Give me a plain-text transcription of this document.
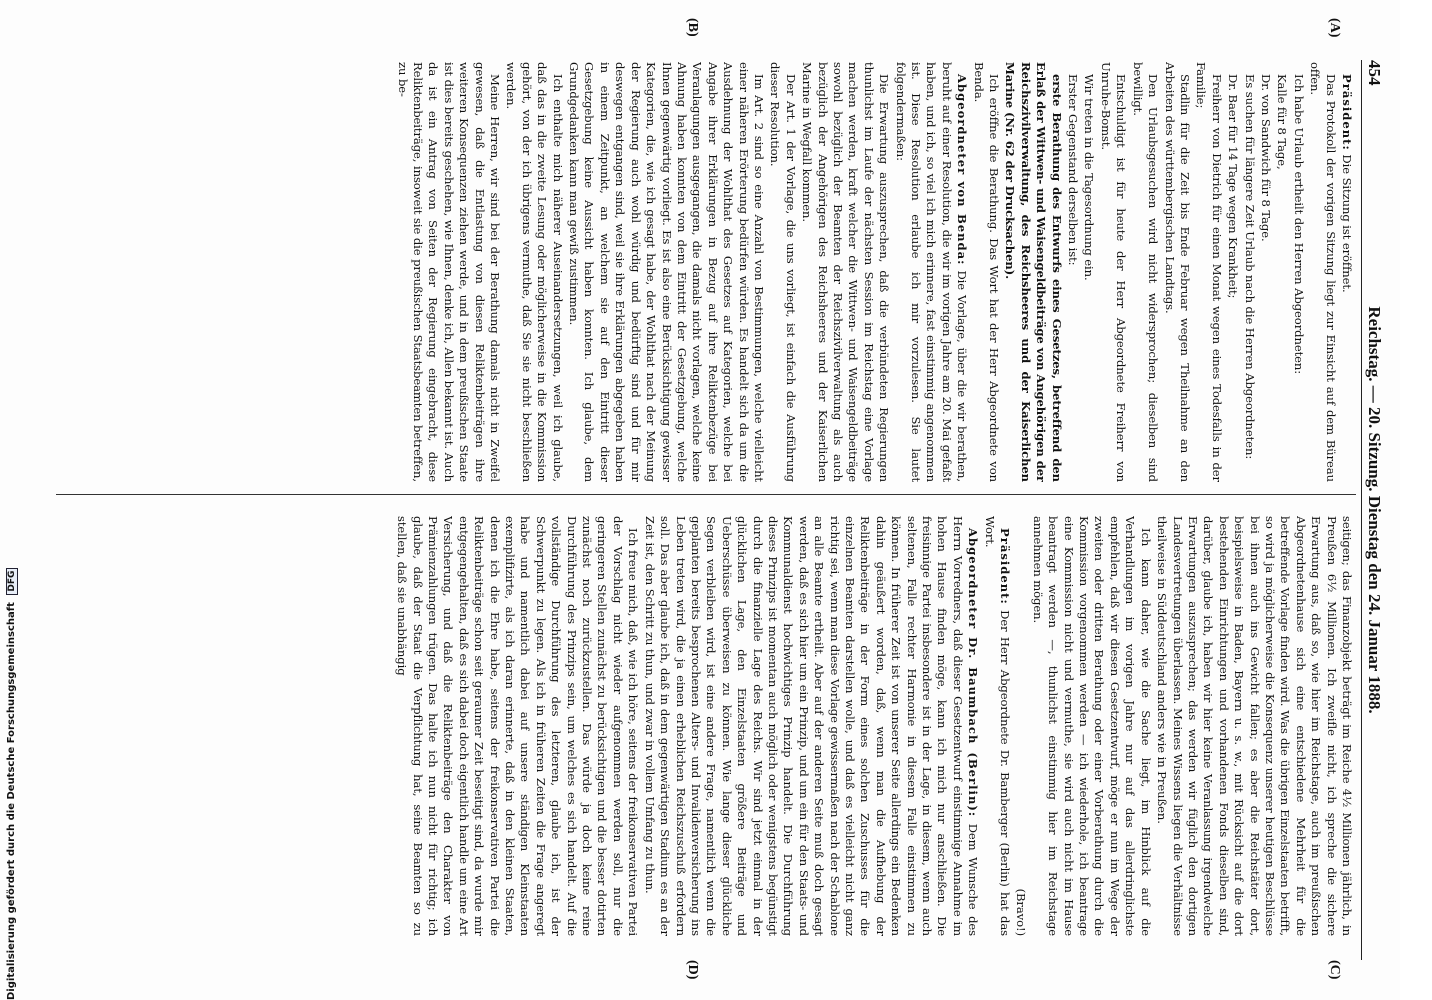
454
Reichstag. — 20. Sitzung. Dienstag den 24. Januar 1888.
(A)
(B)
(C)
(D)

Präsident: Die Sitzung ist eröffnet.

Das Protokoll der vorigen Sitzung liegt zur Einsicht auf dem Büreau offen.

Ich habe Urlaub ertheilt den Herren Abgeordneten:

Kalle für 8 Tage,

Dr. von Sandwich für 8 Tage.

Es suchen für längere Zeit Urlaub nach die Herren Abgeordneten:

Dr. Baer für 14 Tage wegen Krankheit;

Freiherr von Dietrich für einen Monat wegen eines Todesfalls in der Familie;

Stadlin für die Zeit bis Ende Februar wegen Theilnahme an den Arbeiten des württembergischen Landtags.

Den Urlaubsgesuchen wird nicht widersprochen; dieselben sind bewilligt.

Entschuldigt ist für heute der Herr Abgeordnete Freiherr von Unruhe-Bomst.

Wir treten in die Tagesordnung ein.

Erster Gegenstand derselben ist:

erste Berathung des Entwurfs eines Gesetzes, betreffend den Erlaß der Wittwen- und Waisengeldbeiträge von Angehörigen der Reichszivilverwaltung, des Reichsheeres und der Kaiserlichen Marine (Nr. 62 der Drucksachen).

Ich eröffne die Berathung. Das Wort hat der Herr Abgeordnete von Benda.

Abgeordneter von Benda: Die Vorlage, über die wir berathen, beruht auf einer Resolution, die wir im vorigen Jahre am 20. Mai gefaßt haben, und ich, so viel ich mich erinnere, fast einstimmig angenommen ist. Diese Resolution erlaube ich mir vorzulesen. Sie lautet folgendermaßen:

Die Erwartung auszusprechen, daß die verbündeten Regierungen thunlichst im Laufe der nächsten Session im Reichstag eine Vorlage machen werden, kraft welcher die Wittwen- und Waisengeldbeiträge sowohl bezüglich der Beamten der Reichszivilverwaltung als auch bezüglich der Angehörigen des Reichsheeres und der Kaiserlichen Marine in Wegfall kommen.

Der Art. 1 der Vorlage, die uns vorliegt, ist einfach die Ausführung dieser Resolution.

Im Art. 2 sind so eine Anzahl von Bestimmungen, welche vielleicht einer näheren Erörterung bedürfen würden. Es handelt sich da um die Ausdehnung der Wohlthat des Gesetzes auf Kategorien, welche bei Angabe ihrer Erklärungen in Bezug auf ihre Reliktenbezüge bei Veranlagungen ausgegangen, die damals nicht vorlagen, welche keine Ahnung haben konnten von dem Eintritt der Gesetzgebung, welche Ihnen gegenwärtig vorliegt. Es ist also eine Berücksichtigung gewisser Kategorien, die, wie ich gesagt habe, der Wohlthat nach der Meinung der Regierung auch wohl würdig und bedürftig sind und für mir deswegen entgangen sind, weil sie ihre Erklärungen abgegeben haben in einem Zeitpunkt, an welchem sie auf den Eintritt dieser Gesetzgebung keine Aussicht haben konnten. Ich glaube, dem Grundgedanken kann man gewiß zustimmen.

Ich enthalte mich näherer Auseinandersetzungen, weil ich glaube, daß das in die zweite Lesung oder möglicherweise in die Kommission gehört, von der ich übrigens vermuthe, daß Sie sie nicht beschließen werden.

Meine Herren, wir sind bei der Berathung damals nicht in Zweifel gewesen, daß die Entlastung von diesen Reliktenbeiträgen ihre weiteren Konsequenzen ziehen werde, und in dem preußischen Staate ist dies bereits geschehen, wie Ihnen, denke ich, Allen bekannt ist. Auch da ist ein Antrag von Seiten der Regierung eingebracht, diese Reliktenbeiträge, insoweit sie die preußischen Staatsbeamten betreffen, zu be-

seitigen; das Finanzobjekt beträgt im Reiche 4½ Millionen jährlich, in Preußen 6½ Millionen. Ich zweifle nicht, ich spreche die sichere Erwartung aus, daß so, wie hier im Reichstage, auch im preußischen Abgeordnetenhause sich eine entschiedene Mehrheit für die betreffende Vorlage finden wird. Was die übrigen Einzelstaaten betrifft, so wird ja möglicherweise die Konsequenz unserer heutigen Beschlüsse bei ihnen auch ins Gewicht fallen; es aber die Reichstäter dort, beispielsweise in Baden, Bayern u. s. w., mit Rücksicht auf die dort bestehenden Einrichtungen und vorhandenen Fonds dieselben sind, darüber, glaube ich, haben wir hier keine Veranlassung irgendwelche Erwartungen auszusprechen; das werden wir füglich den dortigen Landesvertretungen überlassen. Meines Wissens liegen die Verhältnisse theilweise in Süddeutschland anders wie in Preußen.

Ich kann daher, wie die Sache liegt, im Hinblick auf die Verhandlungen im vorigen Jahre nur auf das allerdringlichste empfehlen, daß wir diesen Gesetzentwurf, möge er nun im Wege der zweiten oder dritten Berathung oder einer Vorberathung durch die Kommission vorgenommen werden — ich wiederhole, ich beantrage eine Kommission nicht und vermuthe, sie wird auch nicht im Hause beantragt werden —, thunlichst einstimmig hier im Reichstage annehmen mögen.

(Bravo!)

Präsident: Der Herr Abgeordnete Dr. Bamberger (Berlin) hat das Wort.

Abgeordneter Dr. Baumbach (Berlin): Dem Wunsche des Herrn Vorredners, daß dieser Gesetzentwurf einstimmige Annahme im hohen Hause finden möge, kann ich mich nur anschließen. Die freisinnige Partei insbesondere ist in der Lage, in diesem, wenn auch seltenen, Falle rechter Harmonie in diesem Falle einstimmen zu können. In früherer Zeit ist von unserer Seite allerdings ein Bedenken dahin geäußert worden, daß, wenn man die Aufhebung der Reliktenbeiträge in der Form eines solchen Zuschusses für die einzelnen Beamten darstellen wolle, und daß es vielleicht nicht ganz richtig sei, wenn man diese Vorlage gewissermaßen nach der Schablone an alle Beamte ertheilt. Aber auf der anderen Seite muß doch gesagt werden, daß es sich hier um ein Prinzip, und um ein für den Staats- und Kommunaldienst hochwichtiges Prinzip handelt. Die Durchführung dieses Prinzips ist momentan auch möglich oder wenigstens begünstigt durch die finanzielle Lage des Reichs. Wir sind jetzt einmal in der glücklichen Lage, den Einzelstaaten größere Beiträge und Ueberschüsse überweisen zu können. Wie lange dieser glückliche Segen verbleiben wird, ist eine andere Frage, namentlich wenn die geplanten bereits besprochenen Alters- und Invalidenversicherung ins Leben treten wird, die ja einen erheblichen Reichszuschuß erfordern soll. Das aber glaube ich, daß in dem gegenwärtigen Stadium es an der Zeit ist, den Schritt zu thun, und zwar in vollem Umfang zu thun.

Ich freue mich, daß, wie ich höre, seitens der freikonservativen Partei der Vorschlag nicht wieder aufgenommen werden soll, nur die geringeren Stellen zunächst zu berücksichtigen und die besser dotirten zunächst noch zurückzustellen. Das würde ja doch keine reine Durchführung des Prinzips sein, um welches es sich handelt. Auf die vollständige Durchführung des letzteren, glaube ich, ist der Schwerpunkt zu legen. Als ich in früheren Zeiten die Frage angeregt habe und namentlich dabei auf unsere ständigen Kleinstaaten exemplifizirte, als ich daran erinnerte, daß in den kleinen Staaten, denen ich die Ehre habe, seitens der freikonservativen Partei die Reliktenbeiträge schon seit geraumer Zeit beseitigt sind, da wurde mir entgegengehalten, daß es sich dabei doch eigentlich handle um eine Art Versicherung, und daß die Reliktenbeiträge den Charakter von Prämienzahlungen trügen. Das halte ich nun nicht für richtig; ich glaube, daß der Staat die Verpflichtung hat, seine Beamten so zu stellen, daß sie unabhängig

Digitalisierung gefördert durch die Deutsche Forschungsgemeinschaft DFG
